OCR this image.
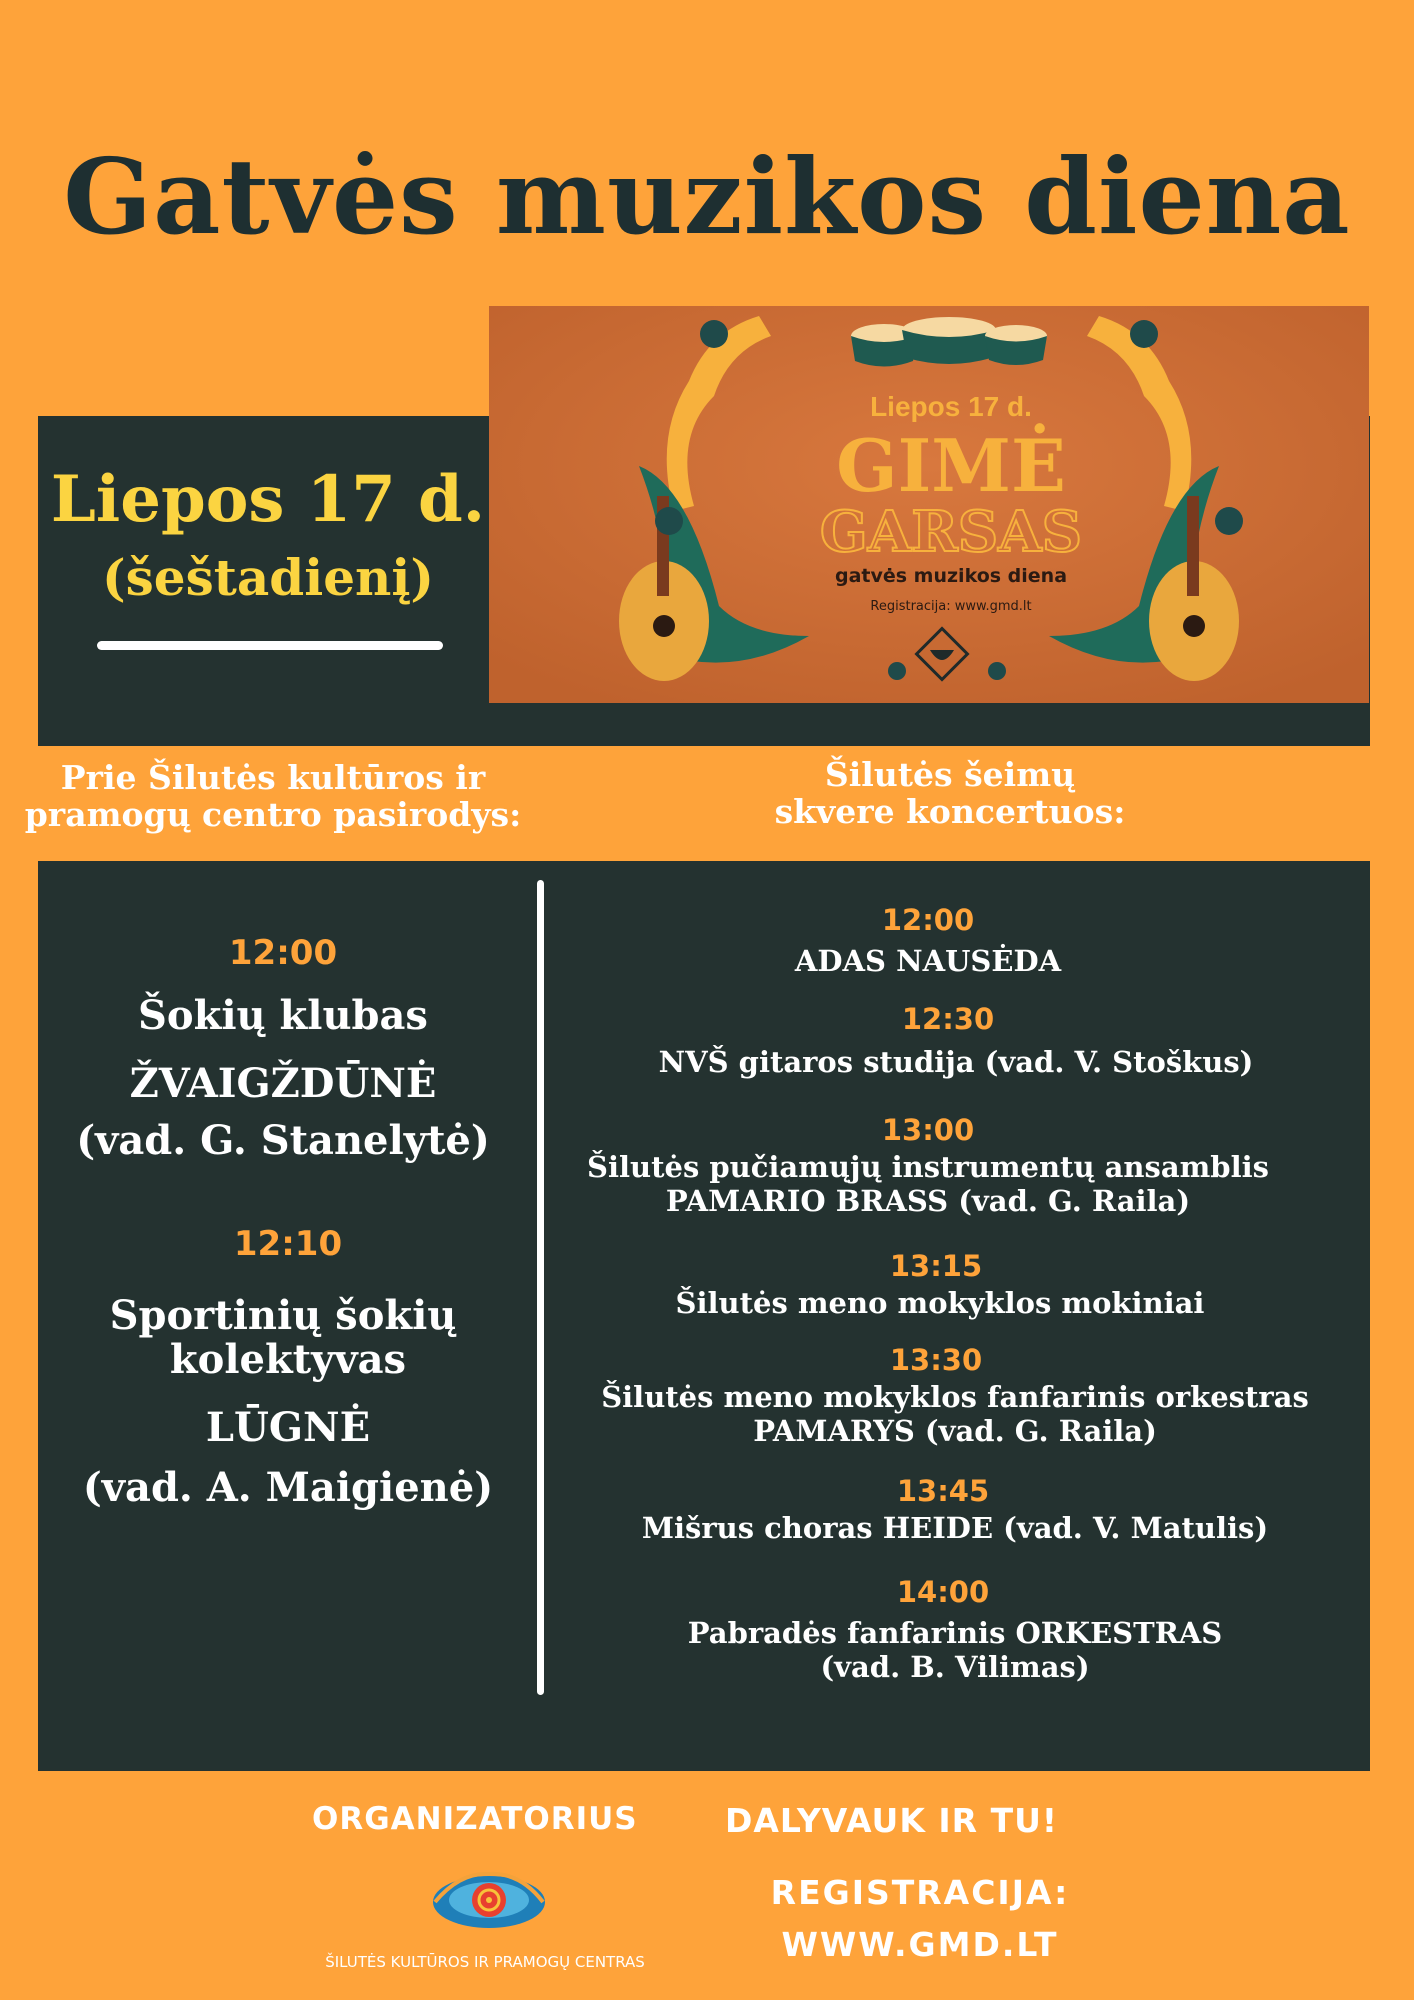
Gatvės muzikos diena
Liepos 17 d.
(šeštadienį)
Liepos 17 d.
GIMĖ
GARSAS
gatvės muzikos diena
Registracija: www.gmd.lt
Prie Šilutės kultūros ir
pramogų centro pasirodys:
Šilutės šeimų
skvere koncertuos:
12:00
Šokių klubas
ŽVAIGŽDŪNĖ
(vad. G. Stanelytė)
12:10
Sportinių šokių
kolektyvas
LŪGNĖ
(vad. A. Maigienė)
12:00
ADAS NAUSĖDA
12:30
NVŠ gitaros studija (vad. V. Stoškus)
13:00
Šilutės pučiamųjų instrumentų ansamblis
PAMARIO BRASS (vad. G. Raila)
13:15
Šilutės meno mokyklos mokiniai
13:30
Šilutės meno mokyklos fanfarinis orkestras
PAMARYS (vad. G. Raila)
13:45
Mišrus choras HEIDE (vad. V. Matulis)
14:00
Pabradės fanfarinis ORKESTRAS
(vad. B. Vilimas)
ORGANIZATORIUS
ŠILUTĖS KULTŪROS IR PRAMOGŲ CENTRAS
DALYVAUK IR TU!
REGISTRACIJA:
WWW.GMD.LT
